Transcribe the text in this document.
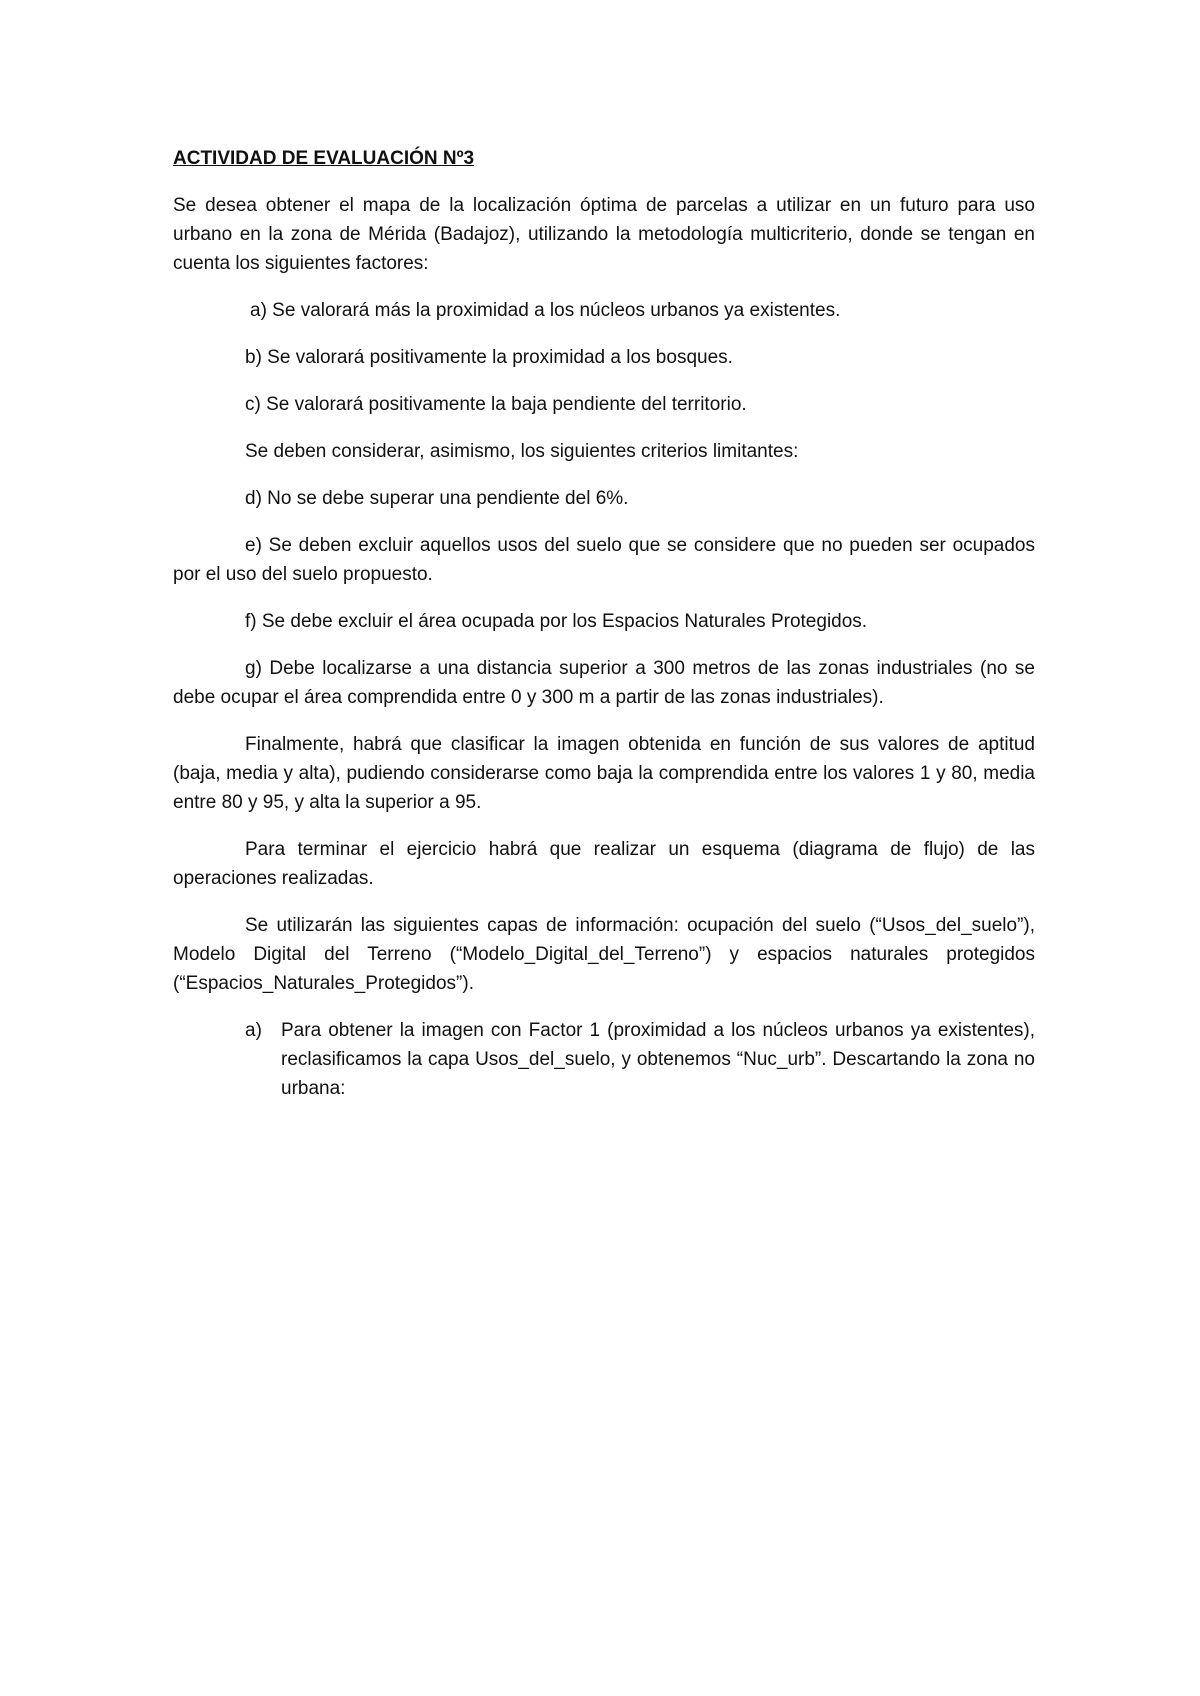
ACTIVIDAD DE EVALUACIÓN Nº3
Se desea obtener el mapa de la localización óptima de parcelas a utilizar en un futuro para uso urbano en la zona de Mérida (Badajoz), utilizando la metodología multicriterio, donde se tengan en cuenta los siguientes factores:
a) Se valorará más la proximidad a los núcleos urbanos ya existentes.
b) Se valorará positivamente la proximidad a los bosques.
c) Se valorará positivamente la baja pendiente del territorio.
Se deben considerar, asimismo, los siguientes criterios limitantes:
d) No se debe superar una pendiente del 6%.
e) Se deben excluir aquellos usos del suelo que se considere que no pueden ser ocupados por el uso del suelo propuesto.
f) Se debe excluir el área ocupada por los Espacios Naturales Protegidos.
g) Debe localizarse a una distancia superior a 300 metros de las zonas industriales (no se debe ocupar el área comprendida entre 0 y 300 m a partir de las zonas industriales).
Finalmente, habrá que clasificar la imagen obtenida en función de sus valores de aptitud (baja, media y alta), pudiendo considerarse como baja la comprendida entre los valores 1 y 80, media entre 80 y 95, y alta la superior a 95.
Para terminar el ejercicio habrá que realizar un esquema (diagrama de flujo) de las operaciones realizadas.
Se utilizarán las siguientes capas de información: ocupación del suelo (“Usos_del_suelo”), Modelo Digital del Terreno (“Modelo_Digital_del_Terreno”) y espacios naturales protegidos (“Espacios_Naturales_Protegidos”).
a)	Para obtener la imagen con Factor 1 (proximidad a los núcleos urbanos ya existentes), reclasificamos la capa Usos_del_suelo, y obtenemos “Nuc_urb”. Descartando la zona no urbana:
